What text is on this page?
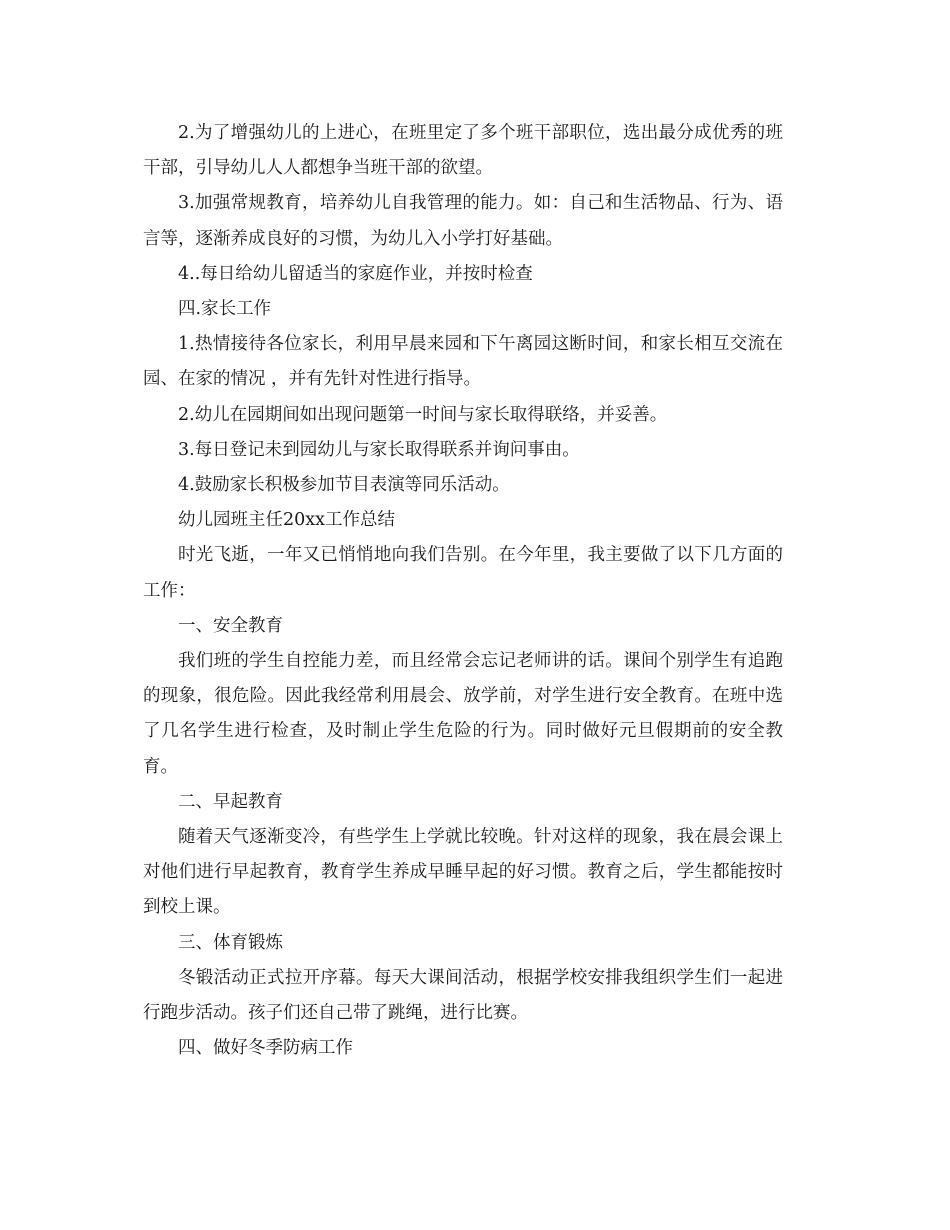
2.为了增强幼儿的上进心，在班里定了多个班干部职位，选出最分成优秀的班干部，引导幼儿人人都想争当班干部的欲望。

3.加强常规教育，培养幼儿自我管理的能力。如：自己和生活物品、行为、语言等，逐渐养成良好的习惯，为幼儿入小学打好基础。

4..每日给幼儿留适当的家庭作业，并按时检查

四.家长工作

1.热情接待各位家长，利用早晨来园和下午离园这断时间，和家长相互交流在园、在家的情况 ，并有先针对性进行指导。

2.幼儿在园期间如出现问题第一时间与家长取得联络，并妥善。

3.每日登记未到园幼儿与家长取得联系并询问事由。

4.鼓励家长积极参加节目表演等同乐活动。

幼儿园班主任20xx工作总结

时光飞逝，一年又已悄悄地向我们告别。在今年里，我主要做了以下几方面的工作：

一、安全教育

我们班的学生自控能力差，而且经常会忘记老师讲的话。课间个别学生有追跑的现象，很危险。因此我经常利用晨会、放学前，对学生进行安全教育。在班中选了几名学生进行检查，及时制止学生危险的行为。同时做好元旦假期前的安全教育。

二、早起教育

随着天气逐渐变冷，有些学生上学就比较晚。针对这样的现象，我在晨会课上对他们进行早起教育，教育学生养成早睡早起的好习惯。教育之后，学生都能按时到校上课。

三、体育锻炼

冬锻活动正式拉开序幕。每天大课间活动，根据学校安排我组织学生们一起进行跑步活动。孩子们还自己带了跳绳，进行比赛。

四、做好冬季防病工作
